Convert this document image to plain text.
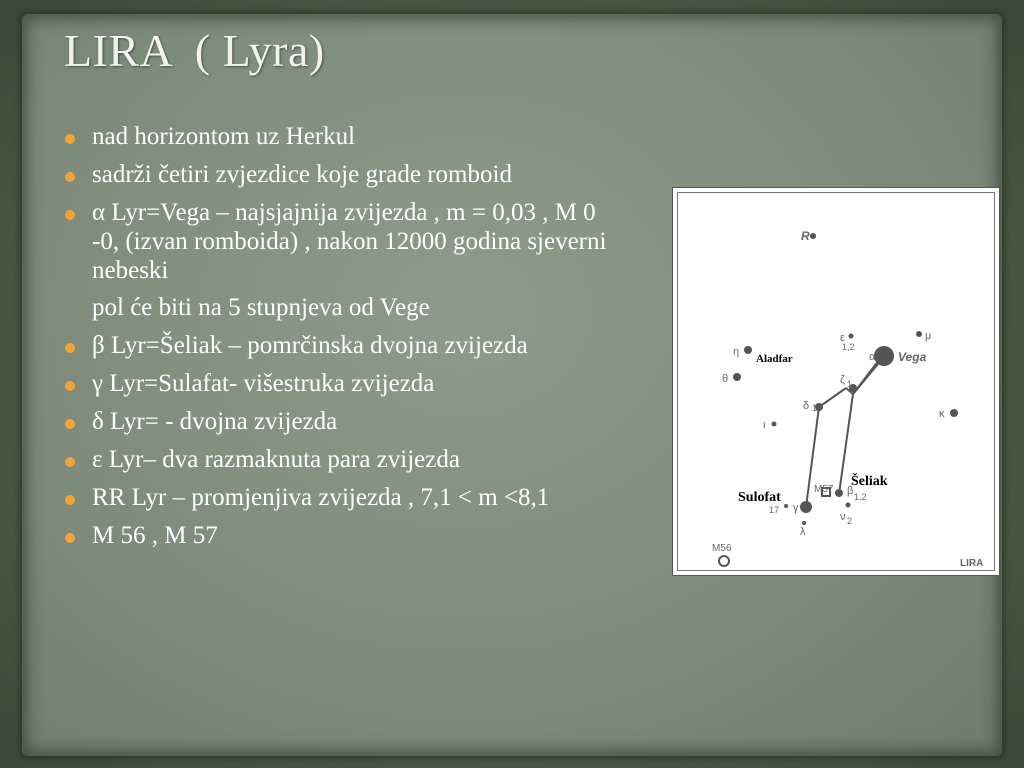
LIRA  ( Lyra)
nad horizontom uz Herkul
sadrži četiri zvjezdice koje grade romboid
α Lyr=Vega – najsjajnija zvijezda , m = 0,03 , M 0 -0, (izvan romboida) , nakon 12000 godina sjeverni nebeski
pol će biti na 5 stupnjeva od Vege
β Lyr=Šeliak – pomrčinska dvojna zvijezda
γ Lyr=Sulafat- višestruka zvijezda
δ Lyr= - dvojna zvijezda
ε Lyr– dva razmaknuta para zvijezda
RR Lyr – promjenjiva zvijezda , 7,1 < m <8,1
M 56 , M 57
R
ε
1,2
μ
η	α Vega
θ	ζ 1
δ 1	κ
ι
M57 β 1,2
γ
17
ν 2
λ
M56
LIRA
Aladfar
Šeliak
Sulofat
